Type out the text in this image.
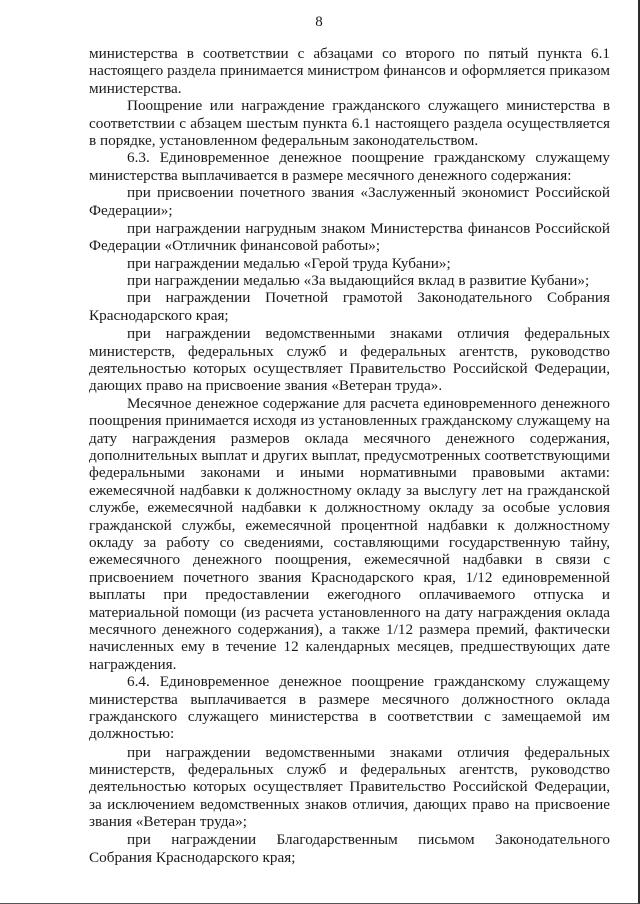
8

министерства в соответствии с абзацами со второго по пятый пункта 6.1 настоящего раздела принимается министром финансов и оформляется приказом министерства.

Поощрение или награждение гражданского служащего министерства в соответствии с абзацем шестым пункта 6.1 настоящего раздела осуществляется в порядке, установленном федеральным законодательством.

6.3. Единовременное денежное поощрение гражданскому служащему министерства выплачивается в размере месячного денежного содержания:

при присвоении почетного звания «Заслуженный экономист Российской Федерации»;

при награждении нагрудным знаком Министерства финансов Российской Федерации «Отличник финансовой работы»;

при награждении медалью «Герой труда Кубани»;

при награждении медалью «За выдающийся вклад в развитие Кубани»;

при награждении Почетной грамотой Законодательного Собрания Краснодарского края;

при награждении ведомственными знаками отличия федеральных министерств, федеральных служб и федеральных агентств, руководство деятельностью которых осуществляет Правительство Российской Федерации, дающих право на присвоение звания «Ветеран труда».

Месячное денежное содержание для расчета единовременного денежного поощрения принимается исходя из установленных гражданскому служащему на дату награждения размеров оклада месячного денежного содержания, дополнительных выплат и других выплат, предусмотренных соответствующими федеральными законами и иными нормативными правовыми актами: ежемесячной надбавки к должностному окладу за выслугу лет на гражданской службе, ежемесячной надбавки к должностному окладу за особые условия гражданской службы, ежемесячной процентной надбавки к должностному окладу за работу со сведениями, составляющими государственную тайну, ежемесячного денежного поощрения, ежемесячной надбавки в связи с присвоением почетного звания Краснодарского края, 1/12 единовременной выплаты при предоставлении ежегодного оплачиваемого отпуска и материальной помощи (из расчета установленного на дату награждения оклада месячного денежного содержания), а также 1/12 размера премий, фактически начисленных ему в течение 12 календарных месяцев, предшествующих дате награждения.

6.4. Единовременное денежное поощрение гражданскому служащему министерства выплачивается в размере месячного должностного оклада гражданского служащего министерства в соответствии с замещаемой им должностью:

при награждении ведомственными знаками отличия федеральных министерств, федеральных служб и федеральных агентств, руководство деятельностью которых осуществляет Правительство Российской Федерации, за исключением ведомственных знаков отличия, дающих право на присвоение звания «Ветеран труда»;

при награждении Благодарственным письмом Законодательного Собрания Краснодарского края;
